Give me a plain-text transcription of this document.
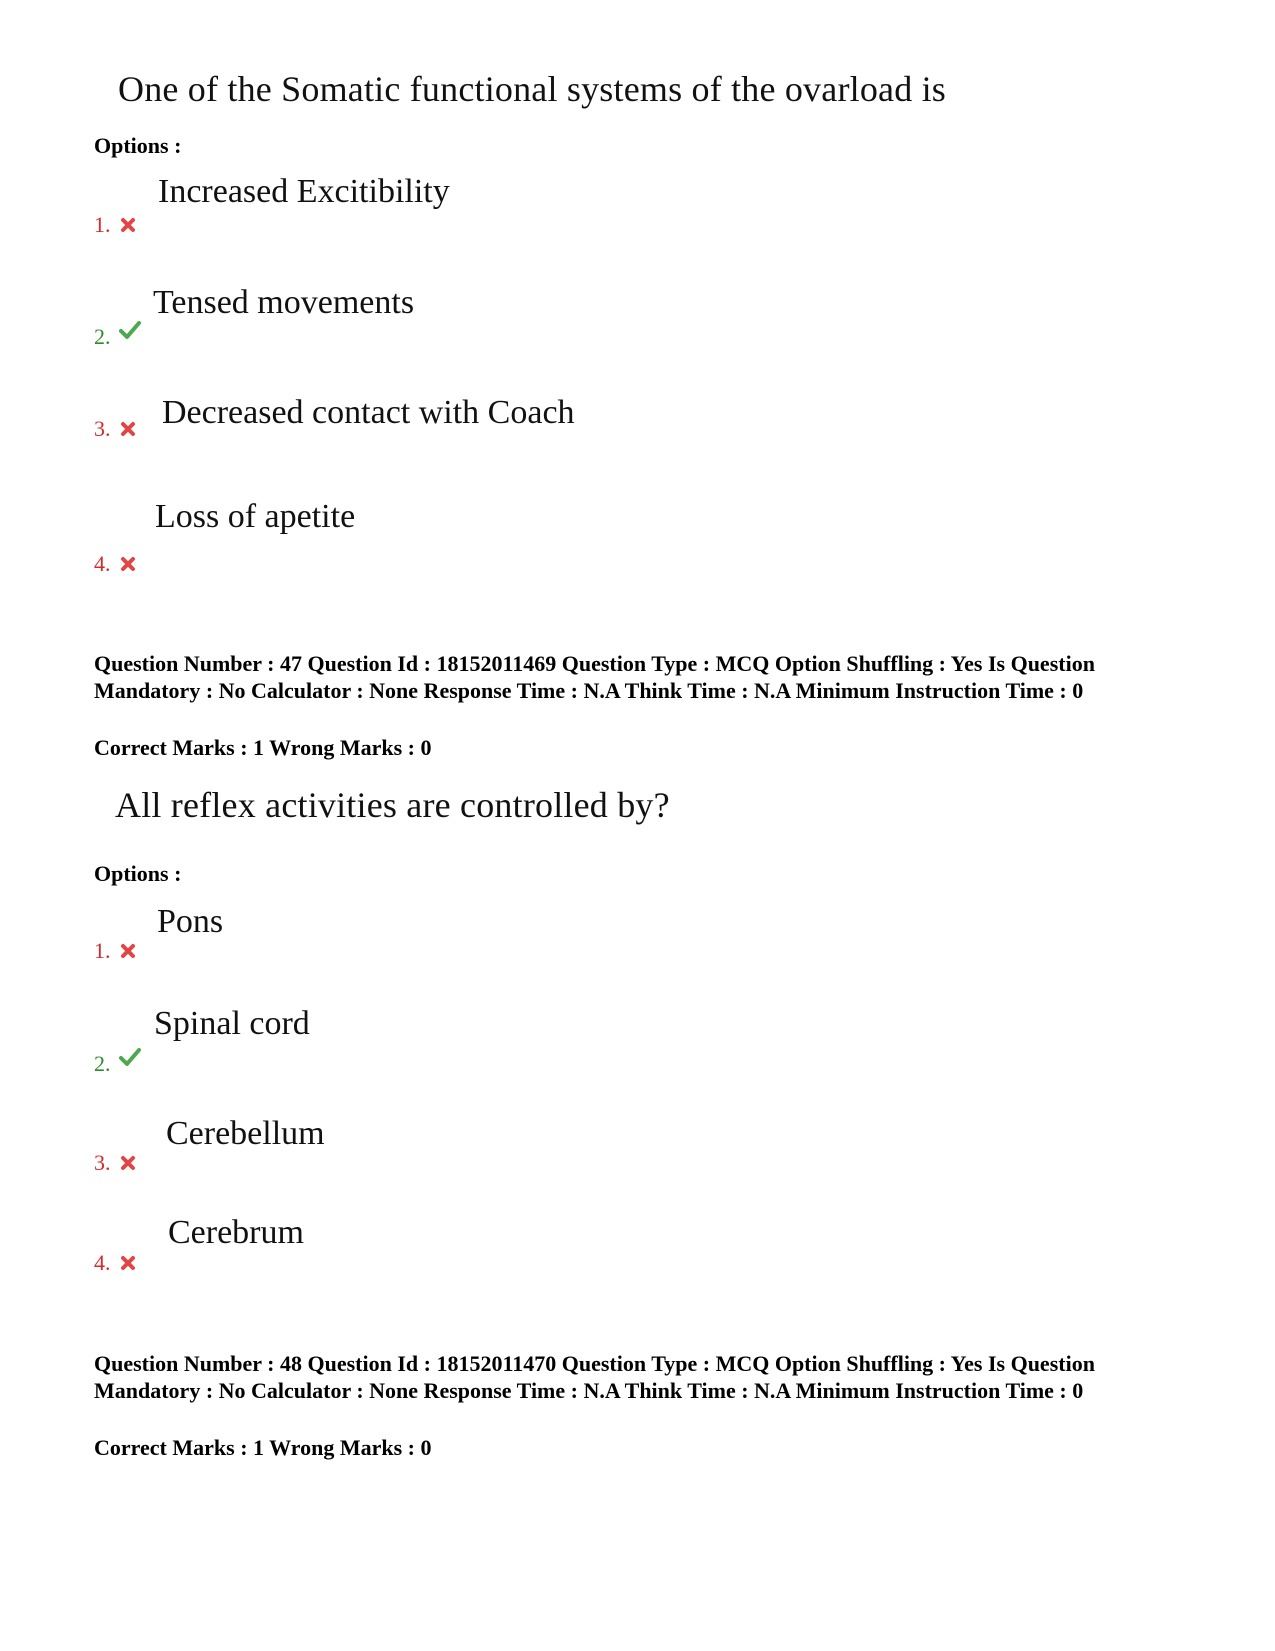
One of the Somatic functional systems of the ovarload is
Options :
Increased Excitibility
1.
Tensed movements
2.
Decreased contact with Coach
3.
Loss of apetite
4.
Question Number : 47 Question Id : 18152011469 Question Type : MCQ Option Shuffling : Yes Is Question Mandatory : No Calculator : None Response Time : N.A Think Time : N.A Minimum Instruction Time : 0
Correct Marks : 1 Wrong Marks : 0
All reflex activities are controlled by?
Options :
Pons
1.
Spinal cord
2.
Cerebellum
3.
Cerebrum
4.
Question Number : 48 Question Id : 18152011470 Question Type : MCQ Option Shuffling : Yes Is Question Mandatory : No Calculator : None Response Time : N.A Think Time : N.A Minimum Instruction Time : 0
Correct Marks : 1 Wrong Marks : 0
